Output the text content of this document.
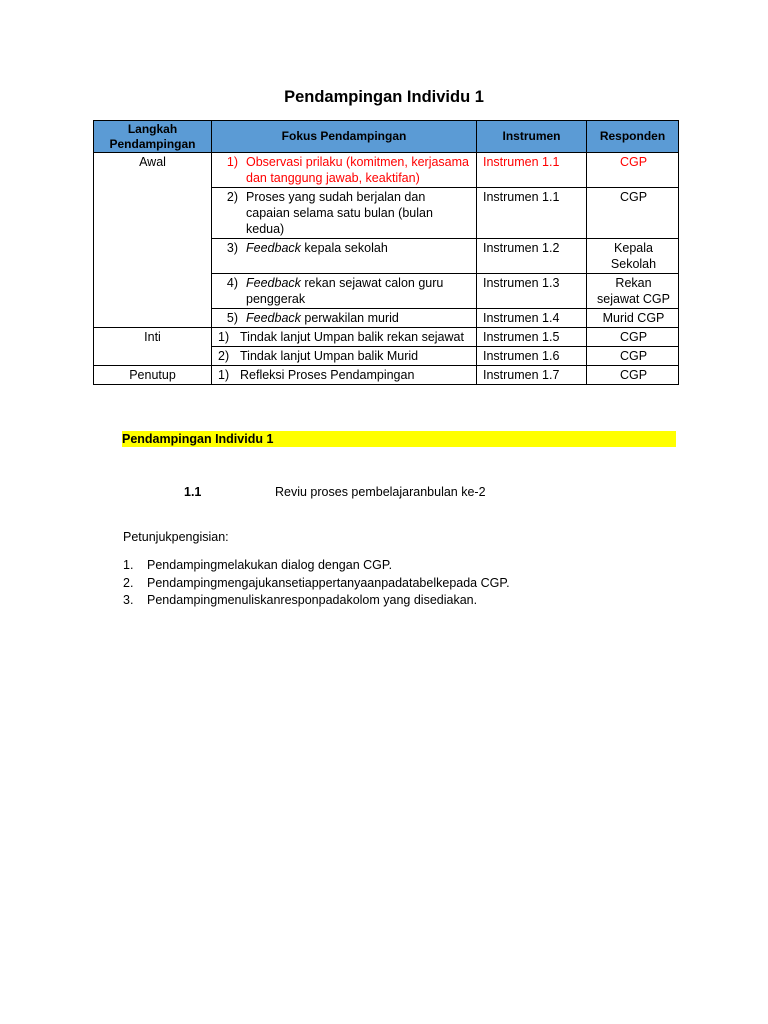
Pendampingan Individu 1
Langkah Pendampingan	Fokus Pendampingan	Instrumen	Responden
Awal	1) Observasi prilaku (komitmen, kerjasama dan tanggung jawab, keaktifan)	Instrumen 1.1	CGP

	2) Proses yang sudah berjalan dan capaian selama satu bulan (bulan kedua)	Instrumen 1.1	CGP

	3) Feedback kepala sekolah	Instrumen 1.2	Kepala Sekolah

	4) Feedback rekan sejawat calon guru penggerak	Instrumen 1.3	Rekan sejawat CGP

	5) Feedback perwakilan murid	Instrumen 1.4	Murid CGP
Inti	1) Tindak lanjut Umpan balik rekan sejawat	Instrumen 1.5	CGP

	2) Tindak lanjut Umpan balik Murid	Instrumen 1.6	CGP
Penutup	1) Refleksi Proses Pendampingan	Instrumen 1.7	CGP
Pendampingan Individu 1
1.1	Reviu proses pembelajaranbulan ke-2
Petunjukpengisian:
1.	Pendampingmelakukan dialog dengan CGP.
2.	Pendampingmengajukansetiappertanyaanpadatabelkepada CGP.
3.	Pendampingmenuliskanresponpadakolom yang disediakan.
